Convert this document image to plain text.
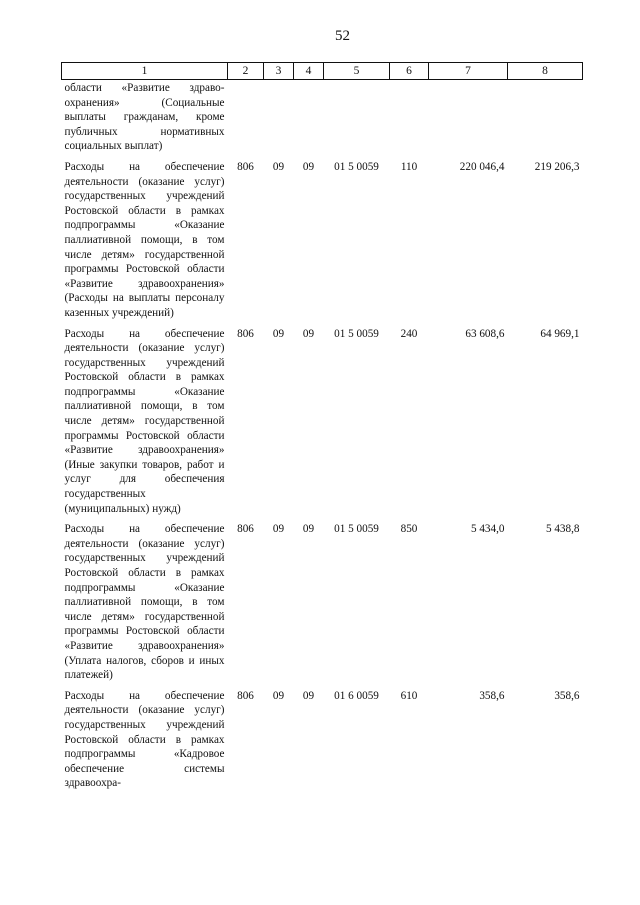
52
1	2	3	4	5	6	7	8
области «Развитие здраво-охранения» (Социальные выплаты гражданам, кроме публичных нормативных социальных выплат)							
Расходы на обеспечение деятельности (оказание услуг) государственных учреждений Ростовской области в рамках подпрограммы «Оказание паллиативной помощи, в том числе детям» государственной программы Ростовской области «Развитие здравоохранения» (Расходы на выплаты персоналу казенных учреждений)	806	09	09	01 5 0059	110	220 046,4	219 206,3
Расходы на обеспечение деятельности (оказание услуг) государственных учреждений Ростовской области в рамках подпрограммы «Оказание паллиативной помощи, в том числе детям» государственной программы Ростовской области «Развитие здравоохранения» (Иные закупки товаров, работ и услуг для обеспечения государственных (муниципальных) нужд)	806	09	09	01 5 0059	240	63 608,6	64 969,1
Расходы на обеспечение деятельности (оказание услуг) государственных учреждений Ростовской области в рамках подпрограммы «Оказание паллиативной помощи, в том числе детям» государственной программы Ростовской области «Развитие здравоохранения» (Уплата налогов, сборов и иных платежей)	806	09	09	01 5 0059	850	5 434,0	5 438,8
Расходы на обеспечение деятельности (оказание услуг) государственных учреждений Ростовской области в рамках подпрограммы «Кадровое обеспечение системы здравоохра-	806	09	09	01 6 0059	610	358,6	358,6
